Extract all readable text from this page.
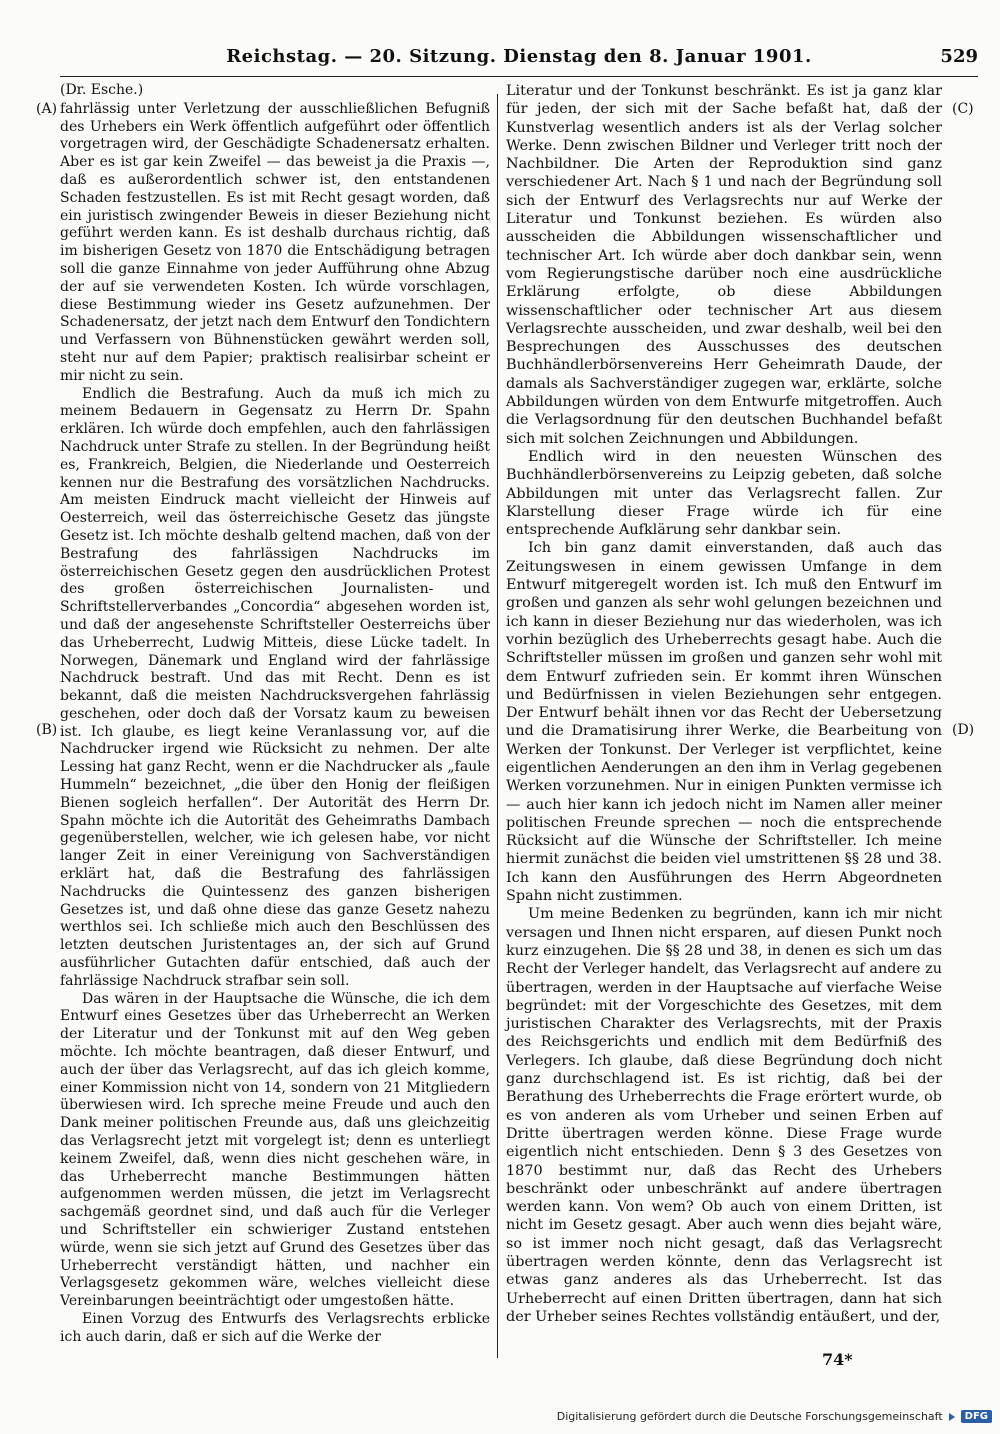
Reichstag. — 20. Sitzung. Dienstag den 8. Januar 1901.	529
(A)
(B)
(C)
(D)
(Dr. Esche.)

fahrlässig unter Verletzung der ausschließlichen Befugniß des Urhebers ein Werk öffentlich aufgeführt oder öffentlich vorgetragen wird, der Geschädigte Schadenersatz erhalten. Aber es ist gar kein Zweifel — das beweist ja die Praxis —, daß es außerordentlich schwer ist, den entstandenen Schaden festzustellen. Es ist mit Recht gesagt worden, daß ein juristisch zwingender Beweis in dieser Beziehung nicht geführt werden kann. Es ist deshalb durchaus richtig, daß im bisherigen Gesetz von 1870 die Entschädigung betragen soll die ganze Einnahme von jeder Aufführung ohne Abzug der auf sie verwendeten Kosten. Ich würde vorschlagen, diese Bestimmung wieder ins Gesetz aufzunehmen. Der Schadenersatz, der jetzt nach dem Entwurf den Tondichtern und Verfassern von Bühnenstücken gewährt werden soll, steht nur auf dem Papier; praktisch realisirbar scheint er mir nicht zu sein.

Endlich die Bestrafung. Auch da muß ich mich zu meinem Bedauern in Gegensatz zu Herrn Dr. Spahn erklären. Ich würde doch empfehlen, auch den fahrlässigen Nachdruck unter Strafe zu stellen. In der Begründung heißt es, Frankreich, Belgien, die Niederlande und Oesterreich kennen nur die Bestrafung des vorsätzlichen Nachdrucks. Am meisten Eindruck macht vielleicht der Hinweis auf Oesterreich, weil das österreichische Gesetz das jüngste Gesetz ist. Ich möchte deshalb geltend machen, daß von der Bestrafung des fahrlässigen Nachdrucks im österreichischen Gesetz gegen den ausdrücklichen Protest des großen österreichischen Journalisten- und Schriftstellerverbandes „Concordia“ abgesehen worden ist, und daß der angesehenste Schriftsteller Oesterreichs über das Urheberrecht, Ludwig Mitteis, diese Lücke tadelt. In Norwegen, Dänemark und England wird der fahrlässige Nachdruck bestraft. Und das mit Recht. Denn es ist bekannt, daß die meisten Nachdrucksvergehen fahrlässig geschehen, oder doch daß der Vorsatz kaum zu beweisen ist. Ich glaube, es liegt keine Veranlassung vor, auf die Nachdrucker irgend wie Rücksicht zu nehmen. Der alte Lessing hat ganz Recht, wenn er die Nachdrucker als „faule Hummeln“ bezeichnet, „die über den Honig der fleißigen Bienen sogleich herfallen“. Der Autorität des Herrn Dr. Spahn möchte ich die Autorität des Geheimraths Dambach gegenüberstellen, welcher, wie ich gelesen habe, vor nicht langer Zeit in einer Vereinigung von Sachverständigen erklärt hat, daß die Bestrafung des fahrlässigen Nachdrucks die Quintessenz des ganzen bisherigen Gesetzes ist, und daß ohne diese das ganze Gesetz nahezu werthlos sei. Ich schließe mich auch den Beschlüssen des letzten deutschen Juristentages an, der sich auf Grund ausführlicher Gutachten dafür entschied, daß auch der fahrlässige Nachdruck strafbar sein soll.

Das wären in der Hauptsache die Wünsche, die ich dem Entwurf eines Gesetzes über das Urheberrecht an Werken der Literatur und der Tonkunst mit auf den Weg geben möchte. Ich möchte beantragen, daß dieser Entwurf, und auch der über das Verlagsrecht, auf das ich gleich komme, einer Kommission nicht von 14, sondern von 21 Mitgliedern überwiesen wird. Ich spreche meine Freude und auch den Dank meiner politischen Freunde aus, daß uns gleichzeitig das Verlagsrecht jetzt mit vorgelegt ist; denn es unterliegt keinem Zweifel, daß, wenn dies nicht geschehen wäre, in das Urheberrecht manche Bestimmungen hätten aufgenommen werden müssen, die jetzt im Verlagsrecht sachgemäß geordnet sind, und daß auch für die Verleger und Schriftsteller ein schwieriger Zustand entstehen würde, wenn sie sich jetzt auf Grund des Gesetzes über das Urheberrecht verständigt hätten, und nachher ein Verlagsgesetz gekommen wäre, welches vielleicht diese Vereinbarungen beeinträchtigt oder umgestoßen hätte.

Einen Vorzug des Entwurfs des Verlagsrechts erblicke ich auch darin, daß er sich auf die Werke der

Literatur und der Tonkunst beschränkt. Es ist ja ganz klar für jeden, der sich mit der Sache befaßt hat, daß der Kunstverlag wesentlich anders ist als der Verlag solcher Werke. Denn zwischen Bildner und Verleger tritt noch der Nachbildner. Die Arten der Reproduktion sind ganz verschiedener Art. Nach § 1 und nach der Begründung soll sich der Entwurf des Verlagsrechts nur auf Werke der Literatur und Tonkunst beziehen. Es würden also ausscheiden die Abbildungen wissenschaftlicher und technischer Art. Ich würde aber doch dankbar sein, wenn vom Regierungstische darüber noch eine ausdrückliche Erklärung erfolgte, ob diese Abbildungen wissenschaftlicher oder technischer Art aus diesem Verlagsrechte ausscheiden, und zwar deshalb, weil bei den Besprechungen des Ausschusses des deutschen Buchhändlerbörsenvereins Herr Geheimrath Daude, der damals als Sachverständiger zugegen war, erklärte, solche Abbildungen würden von dem Entwurfe mitgetroffen. Auch die Verlagsordnung für den deutschen Buchhandel befaßt sich mit solchen Zeichnungen und Abbildungen.

Endlich wird in den neuesten Wünschen des Buchhändlerbörsenvereins zu Leipzig gebeten, daß solche Abbildungen mit unter das Verlagsrecht fallen. Zur Klarstellung dieser Frage würde ich für eine entsprechende Aufklärung sehr dankbar sein.

Ich bin ganz damit einverstanden, daß auch das Zeitungswesen in einem gewissen Umfange in dem Entwurf mitgeregelt worden ist. Ich muß den Entwurf im großen und ganzen als sehr wohl gelungen bezeichnen und ich kann in dieser Beziehung nur das wiederholen, was ich vorhin bezüglich des Urheberrechts gesagt habe. Auch die Schriftsteller müssen im großen und ganzen sehr wohl mit dem Entwurf zufrieden sein. Er kommt ihren Wünschen und Bedürfnissen in vielen Beziehungen sehr entgegen. Der Entwurf behält ihnen vor das Recht der Uebersetzung und die Dramatisirung ihrer Werke, die Bearbeitung von Werken der Tonkunst. Der Verleger ist verpflichtet, keine eigentlichen Aenderungen an den ihm in Verlag gegebenen Werken vorzunehmen. Nur in einigen Punkten vermisse ich — auch hier kann ich jedoch nicht im Namen aller meiner politischen Freunde sprechen — noch die entsprechende Rücksicht auf die Wünsche der Schriftsteller. Ich meine hiermit zunächst die beiden viel umstrittenen §§ 28 und 38. Ich kann den Ausführungen des Herrn Abgeordneten Spahn nicht zustimmen.

Um meine Bedenken zu begründen, kann ich mir nicht versagen und Ihnen nicht ersparen, auf diesen Punkt noch kurz einzugehen. Die §§ 28 und 38, in denen es sich um das Recht der Verleger handelt, das Verlagsrecht auf andere zu übertragen, werden in der Hauptsache auf vierfache Weise begründet: mit der Vorgeschichte des Gesetzes, mit dem juristischen Charakter des Verlagsrechts, mit der Praxis des Reichsgerichts und endlich mit dem Bedürfniß des Verlegers. Ich glaube, daß diese Begründung doch nicht ganz durchschlagend ist. Es ist richtig, daß bei der Berathung des Urheberrechts die Frage erörtert wurde, ob es von anderen als vom Urheber und seinen Erben auf Dritte übertragen werden könne. Diese Frage wurde eigentlich nicht entschieden. Denn § 3 des Gesetzes von 1870 bestimmt nur, daß das Recht des Urhebers beschränkt oder unbeschränkt auf andere übertragen werden kann. Von wem? Ob auch von einem Dritten, ist nicht im Gesetz gesagt. Aber auch wenn dies bejaht wäre, so ist immer noch nicht gesagt, daß das Verlagsrecht übertragen werden könnte, denn das Verlagsrecht ist etwas ganz anderes als das Urheberrecht. Ist das Urheberrecht auf einen Dritten übertragen, dann hat sich der Urheber seines Rechtes vollständig entäußert, und der,

74*
Digitalisierung gefördert durch die Deutsche Forschungsgemeinschaft	DFG
